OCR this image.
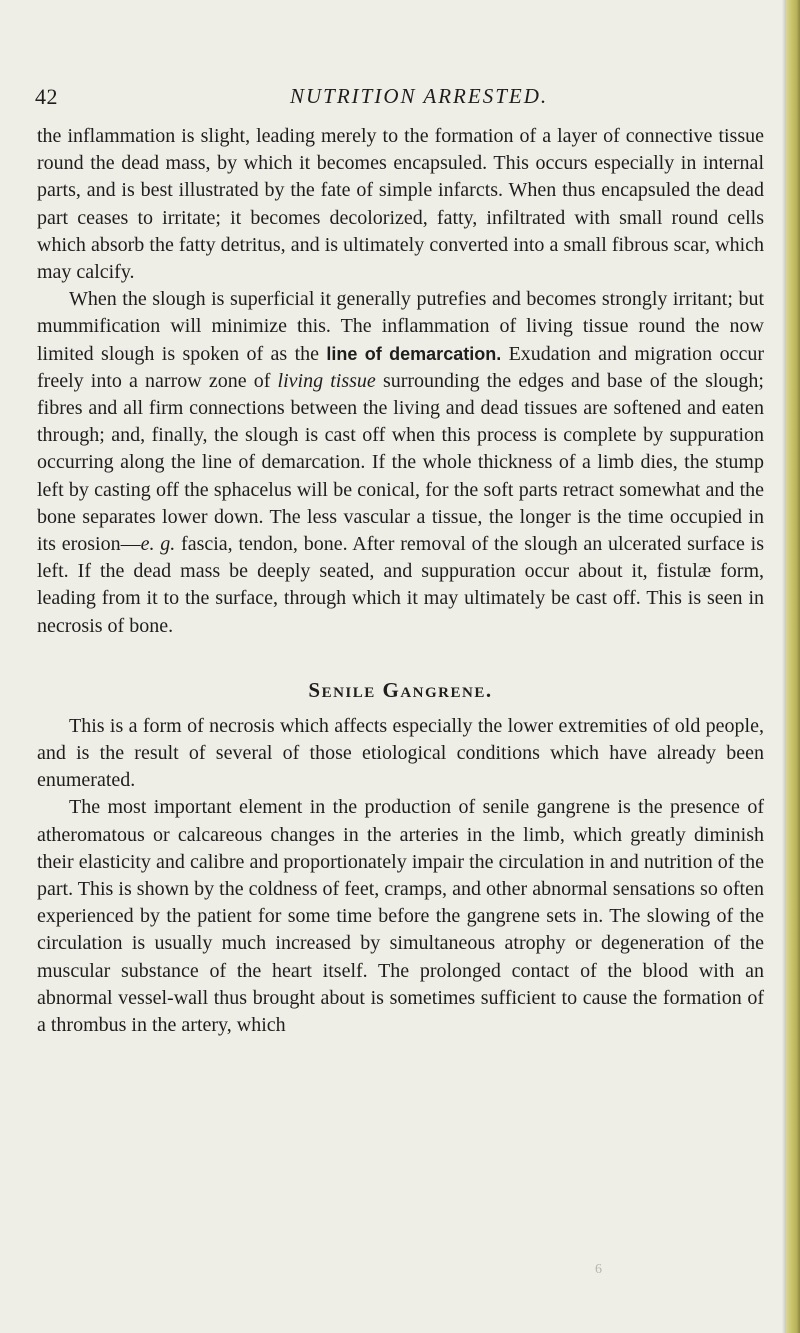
42	NUTRITION ARRESTED.

the inflammation is slight, leading merely to the formation of a layer of connective tissue round the dead mass, by which it becomes encapsuled. This occurs especially in internal parts, and is best illustrated by the fate of simple infarcts. When thus encapsuled the dead part ceases to irritate; it becomes decolorized, fatty, infiltrated with small round cells which absorb the fatty detritus, and is ultimately converted into a small fibrous scar, which may calcify.

When the slough is superficial it generally putrefies and becomes strongly irritant; but mummification will minimize this. The inflammation of living tissue round the now limited slough is spoken of as the line of demarcation. Exudation and migration occur freely into a narrow zone of living tissue surrounding the edges and base of the slough; fibres and all firm connections between the living and dead tissues are softened and eaten through; and, finally, the slough is cast off when this process is complete by suppuration occurring along the line of demarcation. If the whole thickness of a limb dies, the stump left by casting off the sphacelus will be conical, for the soft parts retract somewhat and the bone separates lower down. The less vascular a tissue, the longer is the time occupied in its erosion—e. g. fascia, tendon, bone. After removal of the slough an ulcerated surface is left. If the dead mass be deeply seated, and suppuration occur about it, fistulæ form, leading from it to the surface, through which it may ultimately be cast off. This is seen in necrosis of bone.

Senile Gangrene.

This is a form of necrosis which affects especially the lower extremities of old people, and is the result of several of those etiological conditions which have already been enumerated.

The most important element in the production of senile gangrene is the presence of atheromatous or calcareous changes in the arteries in the limb, which greatly diminish their elasticity and calibre and proportionately impair the circulation in and nutrition of the part. This is shown by the coldness of feet, cramps, and other abnormal sensations so often experienced by the patient for some time before the gangrene sets in. The slowing of the circulation is usually much increased by simultaneous atrophy or degeneration of the muscular substance of the heart itself. The prolonged contact of the blood with an abnormal vessel-wall thus brought about is sometimes sufficient to cause the formation of a thrombus in the artery, which

6
